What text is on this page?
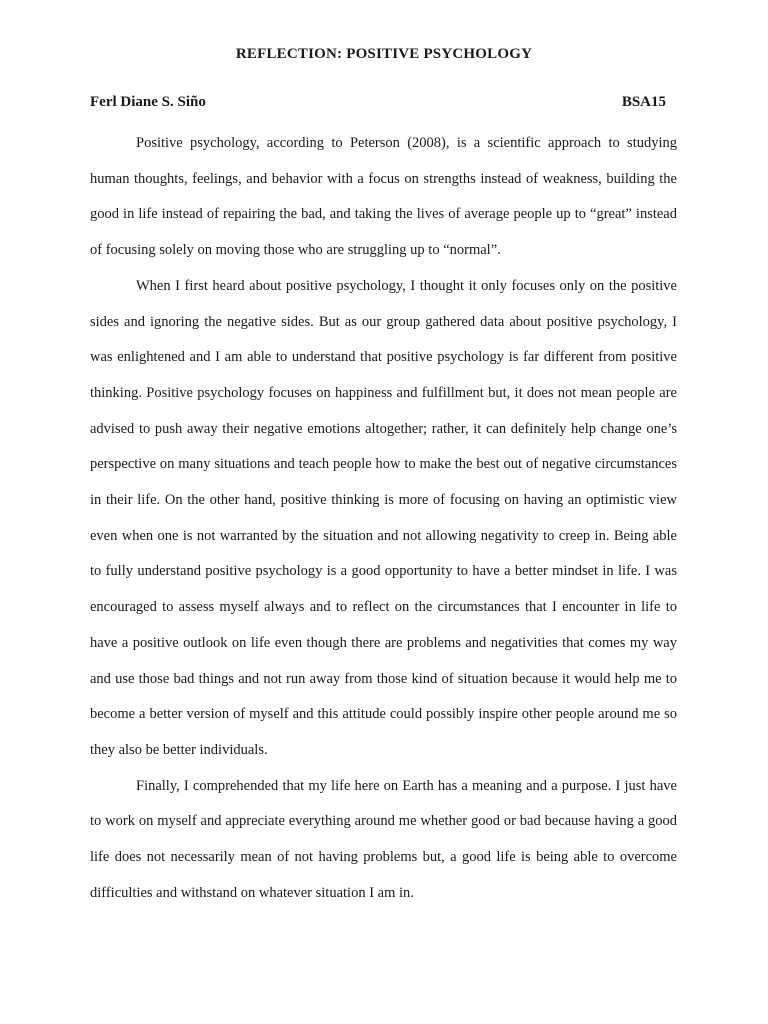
REFLECTION: POSITIVE PSYCHOLOGY
Ferl Diane S. Siño	BSA15

Positive psychology, according to Peterson (2008), is a scientific approach to studying human thoughts, feelings, and behavior with a focus on strengths instead of weakness, building the good in life instead of repairing the bad, and taking the lives of average people up to “great” instead of focusing solely on moving those who are struggling up to “normal”.

When I first heard about positive psychology, I thought it only focuses only on the positive sides and ignoring the negative sides. But as our group gathered data about positive psychology, I was enlightened and I am able to understand that positive psychology is far different from positive thinking. Positive psychology focuses on happiness and fulfillment but, it does not mean people are advised to push away their negative emotions altogether; rather, it can definitely help change one’s perspective on many situations and teach people how to make the best out of negative circumstances in their life. On the other hand, positive thinking is more of focusing on having an optimistic view even when one is not warranted by the situation and not allowing negativity to creep in. Being able to fully understand positive psychology is a good opportunity to have a better mindset in life. I was encouraged to assess myself always and to reflect on the circumstances that I encounter in life to have a positive outlook on life even though there are problems and negativities that comes my way and use those bad things and not run away from those kind of situation because it would help me to become a better version of myself and this attitude could possibly inspire other people around me so they also be better individuals.

Finally, I comprehended that my life here on Earth has a meaning and a purpose. I just have to work on myself and appreciate everything around me whether good or bad because having a good life does not necessarily mean of not having problems but, a good life is being able to overcome difficulties and withstand on whatever situation I am in.
